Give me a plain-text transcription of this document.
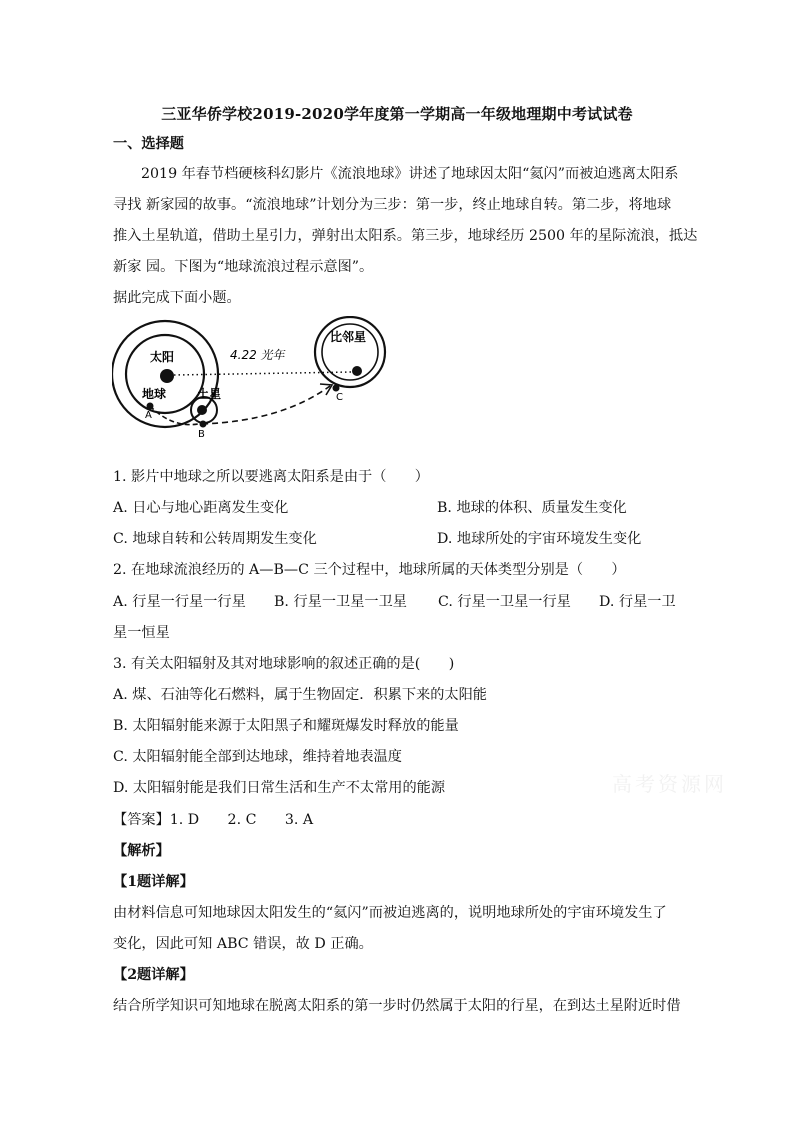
三亚华侨学校2019-2020学年度第一学期高一年级地理期中考试试卷
一、选择题
2019 年春节档硬核科幻影片《流浪地球》讲述了地球因太阳“氦闪”而被迫逃离太阳系
寻找 新家园的故事。“流浪地球”计划分为三步：第一步，终止地球自转。第二步，将地球
推入土星轨道，借助土星引力，弹射出太阳系。第三步，地球经历 2500 年的星际流浪，抵达
新家 园。下图为“地球流浪过程示意图”。
据此完成下面小题。
太阳
地球	土星
比邻星
4.22 光年
A
B
C
1. 影片中地球之所以要逃离太阳系是由于（　　）
A. 日心与地心距离发生变化	B. 地球的体积、质量发生变化
C. 地球自转和公转周期发生变化	D. 地球所处的宇宙环境发生变化
2. 在地球流浪经历的 A—B—C 三个过程中，地球所属的天体类型分别是（　　）
A. 行星一行星一行星 B. 行星一卫星一卫星 C. 行星一卫星一行星 D. 行星一卫
星一恒星
3. 有关太阳辐射及其对地球影响的叙述正确的是(　　)
A. 煤、石油等化石燃料，属于生物固定．积累下来的太阳能
B. 太阳辐射能来源于太阳黑子和耀斑爆发时释放的能量
C. 太阳辐射能全部到达地球，维持着地表温度
D. 太阳辐射能是我们日常生活和生产不太常用的能源	高考资源网
【答案】1. D　　2. C　　3. A
【解析】
【1题详解】
由材料信息可知地球因太阳发生的“氦闪”而被迫逃离的，说明地球所处的宇宙环境发生了
变化，因此可知 ABC 错误，故 D 正确。
【2题详解】
结合所学知识可知地球在脱离太阳系的第一步时仍然属于太阳的行星，在到达土星附近时借
